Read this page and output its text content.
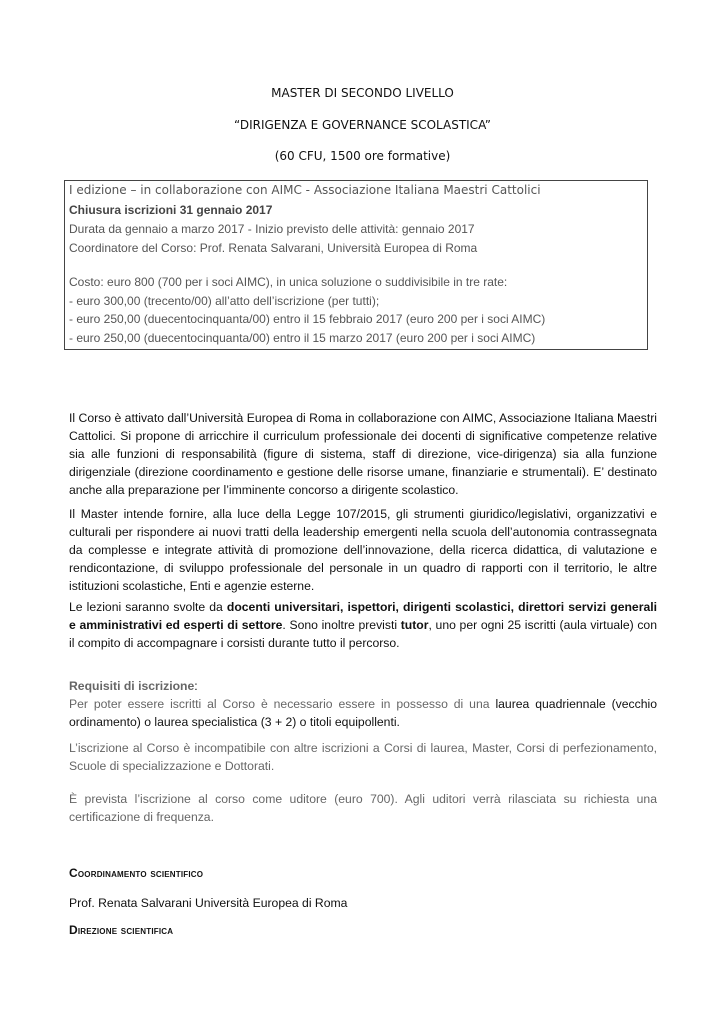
MASTER DI SECONDO LIVELLO
“DIRIGENZA E GOVERNANCE SCOLASTICA”
(60 CFU, 1500 ore formative)
I edizione – in collaborazione con AIMC - Associazione Italiana Maestri Cattolici
Chiusura iscrizioni 31 gennaio 2017
Durata da gennaio a marzo 2017 - Inizio previsto delle attività: gennaio 2017
Coordinatore del Corso: Prof. Renata Salvarani, Università Europea di Roma
Costo: euro 800 (700 per i soci AIMC), in unica soluzione o suddivisibile in tre rate:
- euro 300,00 (trecento/00) all’atto dell’iscrizione (per tutti);
- euro 250,00 (duecentocinquanta/00) entro il 15 febbraio 2017 (euro 200 per i soci AIMC)
- euro 250,00 (duecentocinquanta/00) entro il 15 marzo 2017 (euro 200 per i soci AIMC)

Il Corso è attivato dall’Università Europea di Roma in collaborazione con AIMC, Associazione Italiana Maestri Cattolici. Si propone di arricchire il curriculum professionale dei docenti di significative competenze relative sia alle funzioni di responsabilità (figure di sistema, staff di direzione, vice-dirigenza) sia alla funzione dirigenziale (direzione coordinamento e gestione delle risorse umane, finanziarie e strumentali). E’ destinato anche alla preparazione per l’imminente concorso a dirigente scolastico.

Il Master intende fornire, alla luce della Legge 107/2015, gli strumenti giuridico/legislativi, organizzativi e culturali per rispondere ai nuovi tratti della leadership emergenti nella scuola dell’autonomia contrassegnata da complesse e integrate attività di promozione dell’innovazione, della ricerca didattica, di valutazione e rendicontazione, di sviluppo professionale del personale in un quadro di rapporti con il territorio, le altre istituzioni scolastiche, Enti e agenzie esterne.

Le lezioni saranno svolte da docenti universitari, ispettori, dirigenti scolastici, direttori servizi generali e amministrativi ed esperti di settore. Sono inoltre previsti tutor, uno per ogni 25 iscritti (aula virtuale) con il compito di accompagnare i corsisti durante tutto il percorso.

Requisiti di iscrizione:
Per poter essere iscritti al Corso è necessario essere in possesso di una laurea quadriennale (vecchio ordinamento) o laurea specialistica (3 + 2) o titoli equipollenti.

L’iscrizione al Corso è incompatibile con altre iscrizioni a Corsi di laurea, Master, Corsi di perfezionamento, Scuole di specializzazione e Dottorati.

È prevista l’iscrizione al corso come uditore (euro 700). Agli uditori verrà rilasciata su richiesta una certificazione di frequenza.

Coordinamento scientifico
Prof. Renata Salvarani Università Europea di Roma
Direzione scientifica
